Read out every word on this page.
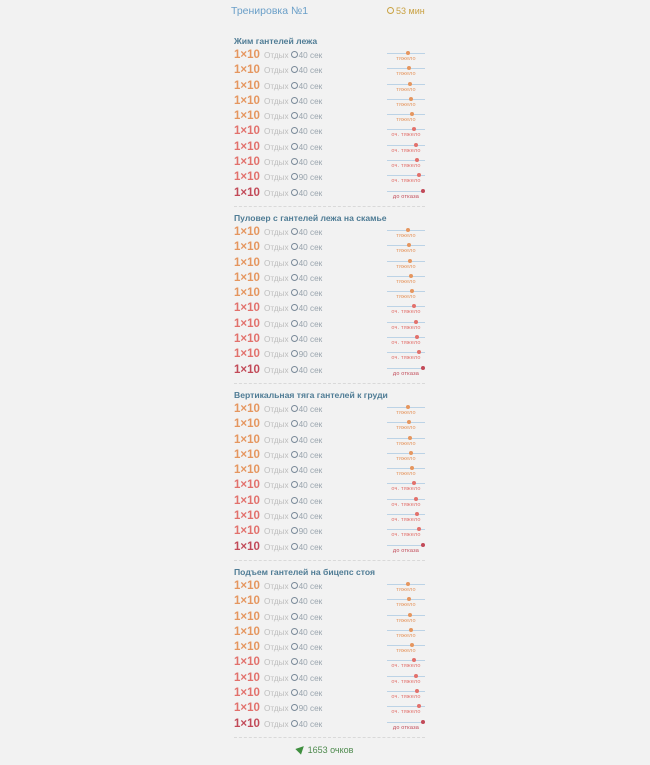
Тренировка №1	53 мин
Жим гантелей лежа
1×10 Отдых 40 сек	тяжело
1×10 Отдых 40 сек	тяжело
1×10 Отдых 40 сек	тяжело
1×10 Отдых 40 сек	тяжело
1×10 Отдых 40 сек	тяжело
1×10 Отдых 40 сек	оч. тяжело
1×10 Отдых 40 сек	оч. тяжело
1×10 Отдых 40 сек	оч. тяжело
1×10 Отдых 90 сек	оч. тяжело
1×10 Отдых 40 сек	до отказа
Пуловер с гантелей лежа на скамье
1×10 Отдых 40 сек	тяжело
1×10 Отдых 40 сек	тяжело
1×10 Отдых 40 сек	тяжело
1×10 Отдых 40 сек	тяжело
1×10 Отдых 40 сек	тяжело
1×10 Отдых 40 сек	оч. тяжело
1×10 Отдых 40 сек	оч. тяжело
1×10 Отдых 40 сек	оч. тяжело
1×10 Отдых 90 сек	оч. тяжело
1×10 Отдых 40 сек	до отказа
Вертикальная тяга гантелей к груди
1×10 Отдых 40 сек	тяжело
1×10 Отдых 40 сек	тяжело
1×10 Отдых 40 сек	тяжело
1×10 Отдых 40 сек	тяжело
1×10 Отдых 40 сек	тяжело
1×10 Отдых 40 сек	оч. тяжело
1×10 Отдых 40 сек	оч. тяжело
1×10 Отдых 40 сек	оч. тяжело
1×10 Отдых 90 сек	оч. тяжело
1×10 Отдых 40 сек	до отказа
Подъем гантелей на бицепс стоя
1×10 Отдых 40 сек	тяжело
1×10 Отдых 40 сек	тяжело
1×10 Отдых 40 сек	тяжело
1×10 Отдых 40 сек	тяжело
1×10 Отдых 40 сек	тяжело
1×10 Отдых 40 сек	оч. тяжело
1×10 Отдых 40 сек	оч. тяжело
1×10 Отдых 40 сек	оч. тяжело
1×10 Отдых 90 сек	оч. тяжело
1×10 Отдых 40 сек	до отказа
1653 очков
